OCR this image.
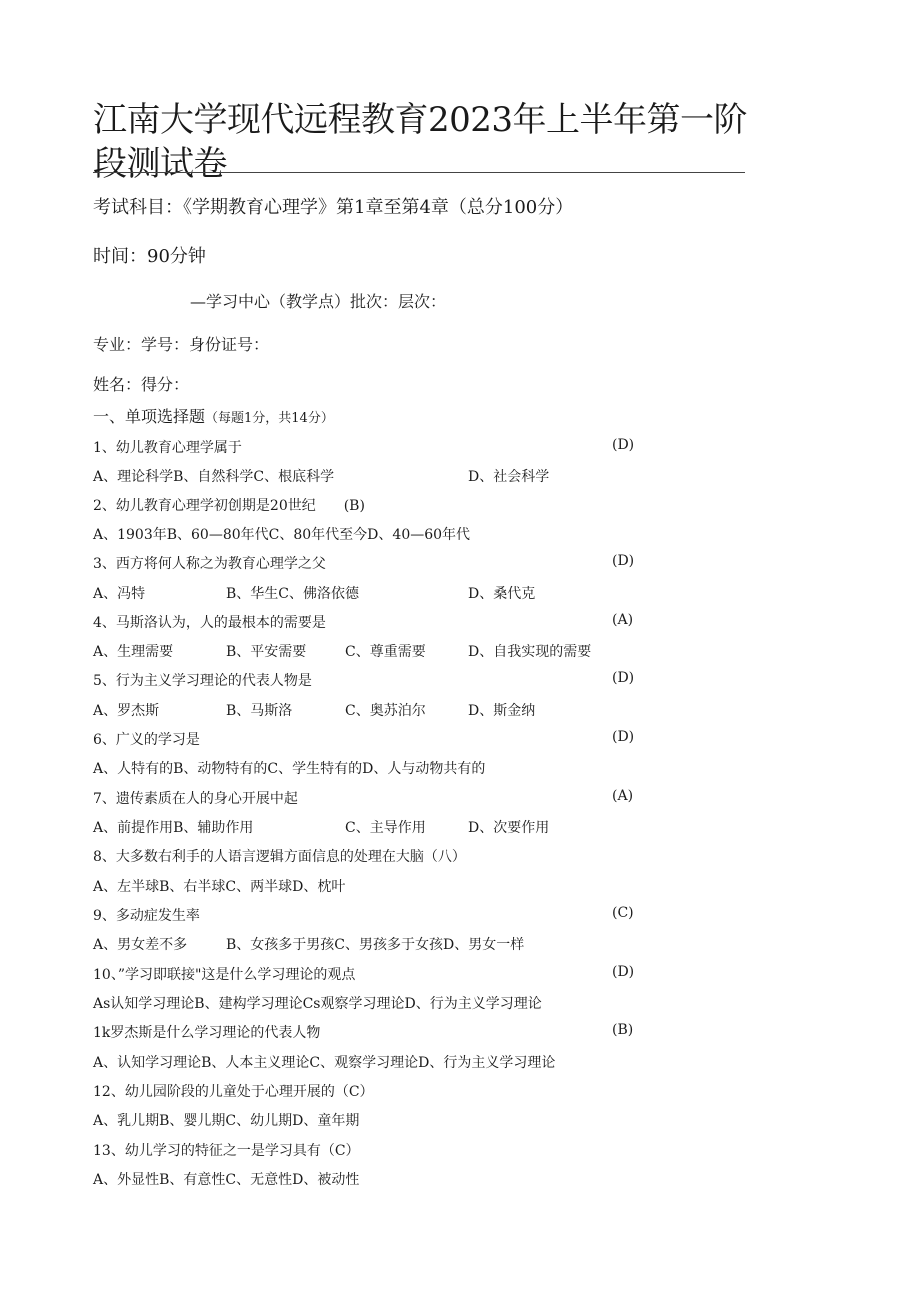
江南大学现代远程教育2023年上半年第一阶段测试卷
考试科目：《学期教育心理学》第1章至第4章（总分100分）
时间：90分钟
—学习中心（教学点）批次：层次：
专业：学号：身份证号：
姓名：得分：
一、单项选择题（每题1分，共14分）
1、幼儿教育心理学属于	(D)
A、理论科学B、自然科学C、根底科学	D、社会科学
2、幼儿教育心理学初创期是20世纪　　(B)
A、1903年B、60—80年代C、80年代至今D、40—60年代
3、西方将何人称之为教育心理学之父	(D)
A、冯特	B、华生C、佛洛依德	D、桑代克
4、马斯洛认为，人的最根本的需要是	(A)
A、生理需要	B、平安需要	C、尊重需要	D、自我实现的需要
5、行为主义学习理论的代表人物是	(D)
A、罗杰斯	B、马斯洛	C、奥苏泊尔	D、斯金纳
6、广义的学习是	(D)
A、人特有的B、动物特有的C、学生特有的D、人与动物共有的
7、遗传素质在人的身心开展中起	(A)
A、前提作用B、辅助作用	C、主导作用	D、次要作用
8、大多数右利手的人语言逻辑方面信息的处理在大脑（八）
A、左半球B、右半球C、两半球D、枕叶
9、多动症发生率	(C)
A、男女差不多	B、女孩多于男孩C、男孩多于女孩D、男女一样
10、”学习即联接"这是什么学习理论的观点	(D)
As认知学习理论B、建构学习理论Cs观察学习理论D、行为主义学习理论
1k罗杰斯是什么学习理论的代表人物	(B)
A、认知学习理论B、人本主义理论C、观察学习理论D、行为主义学习理论
12、幼儿园阶段的儿童处于心理开展的（C）
A、乳儿期B、婴儿期C、幼儿期D、童年期
13、幼儿学习的特征之一是学习具有（C）
A、外显性B、有意性C、无意性D、被动性
